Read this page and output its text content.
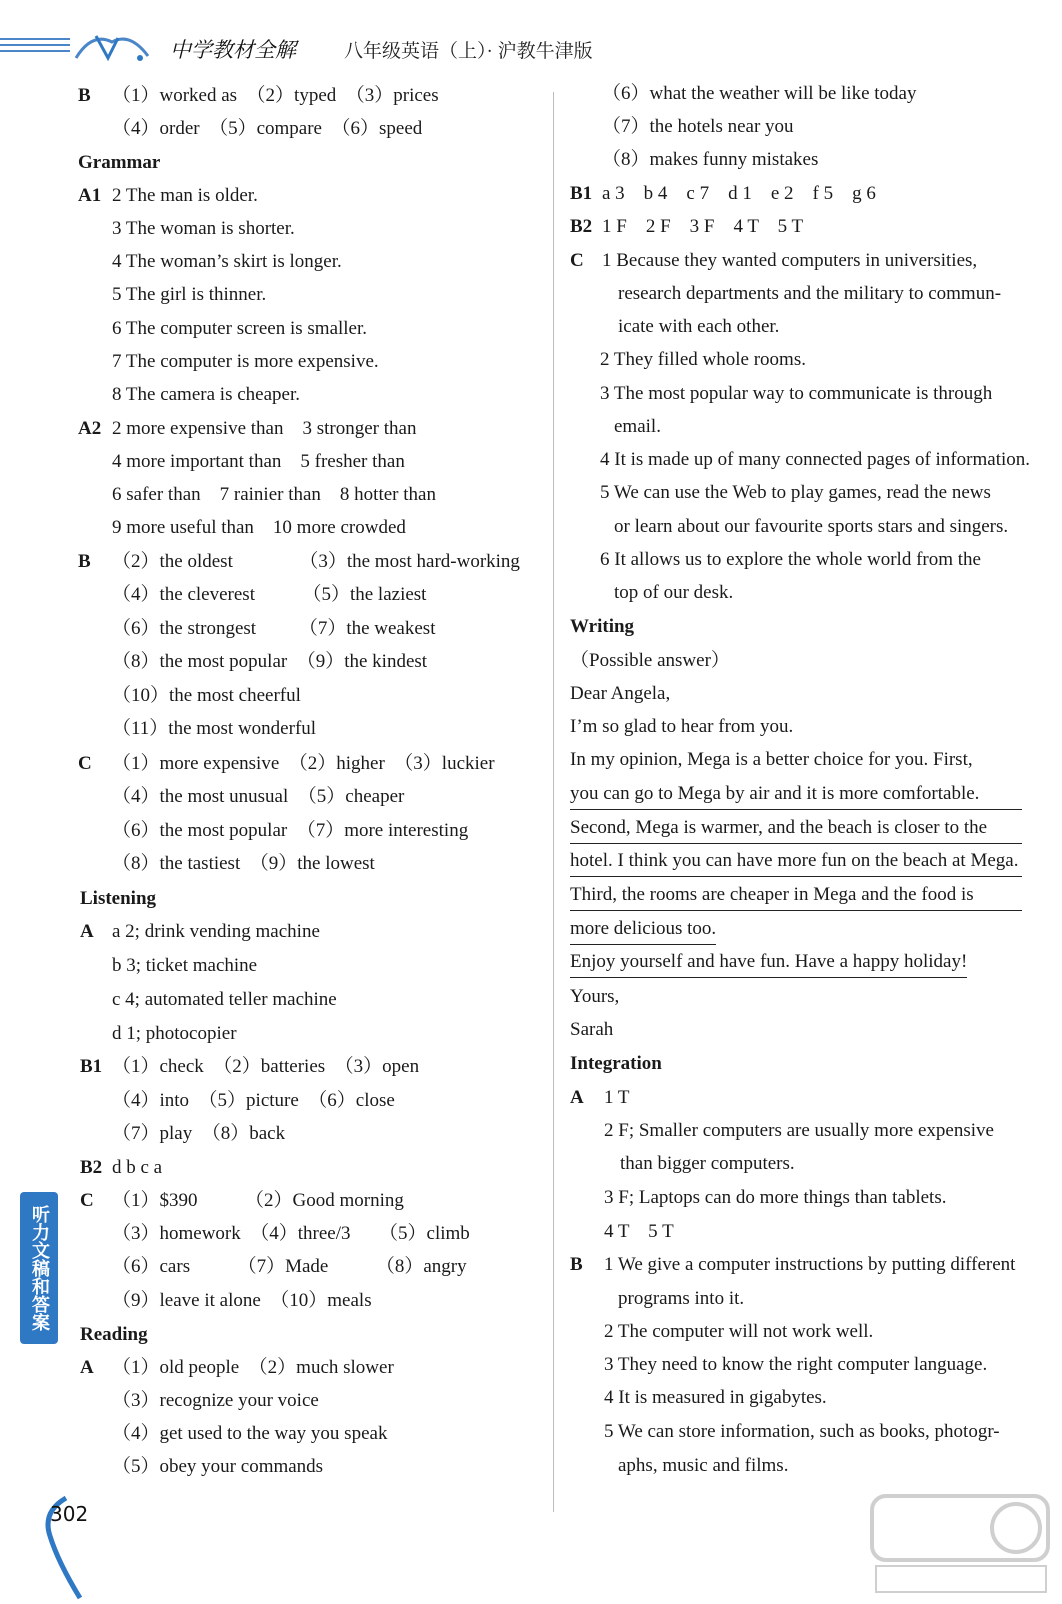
中学教材全解	八年级英语（上）· 沪教牛津版
B （1）worked as　（2）typed　（3）prices
（4）order　（5）compare　（6）speed
Grammar
A1 2 The man is older.
3 The woman is shorter.
4 The woman’s skirt is longer.
5 The girl is thinner.
6 The computer screen is smaller.
7 The computer is more expensive.
8 The camera is cheaper.
A2 2 more expensive than　3 stronger than
4 more important than　5 fresher than
6 safer than　7 rainier than　8 hotter than
9 more useful than　10 more crowded
B （2）the oldest　　　　（3）the most hard-working
（4）the cleverest　　　（5）the laziest
（6）the strongest　　 （7）the weakest
（8）the most popular　（9）the kindest
（10）the most cheerful
（11）the most wonderful
C （1）more expensive　（2）higher　（3）luckier
（4）the most unusual　（5）cheaper
（6）the most popular　（7）more interesting
（8）the tastiest　（9）the lowest
Listening
A a 2; drink vending machine
b 3; ticket machine
c 4; automated teller machine
d 1; photocopier
B1 （1）check　（2）batteries　（3）open
（4）into　（5）picture　（6）close
（7）play　（8）back
B2 d b c a
C （1）$390　　　（2）Good morning
（3）homework　（4）three/3　　（5）climb
（6）cars　　　（7）Made　　　（8）angry
（9）leave it alone　（10）meals
Reading
A （1）old people　（2）much slower
（3）recognize your voice
（4）get used to the way you speak
（5）obey your commands
（6）what the weather will be like today
（7）the hotels near you
（8）makes funny mistakes
B1 a 3　b 4　c 7　d 1　e 2　f 5　g 6
B2 1 F　2 F　3 F　4 T　5 T
C 1 Because they wanted computers in universities,
research departments and the military to commun-
icate with each other.
2 They filled whole rooms.
3 The most popular way to communicate is through
email.
4 It is made up of many connected pages of information.
5 We can use the Web to play games, read the news
or learn about our favourite sports stars and singers.
6 It allows us to explore the whole world from the
top of our desk.
Writing
（Possible answer）
Dear Angela,
I’m so glad to hear from you.
In my opinion, Mega is a better choice for you. First,
you can go to Mega by air and it is more comfortable.
Second, Mega is warmer, and the beach is closer to the
hotel. I think you can have more fun on the beach at Mega.
Third, the rooms are cheaper in Mega and the food is
more delicious too.
Enjoy yourself and have fun. Have a happy holiday!
Yours,
Sarah
Integration
A 1 T
2 F; Smaller computers are usually more expensive
than bigger computers.
3 F; Laptops can do more things than tablets.
4 T　5 T
B 1 We give a computer instructions by putting different
programs into it.
2 The computer will not work well.
3 They need to know the right computer language.
4 It is measured in gigabytes.
5 We can store information, such as books, photogr-
aphs, music and films.
听力文稿和答案
302
